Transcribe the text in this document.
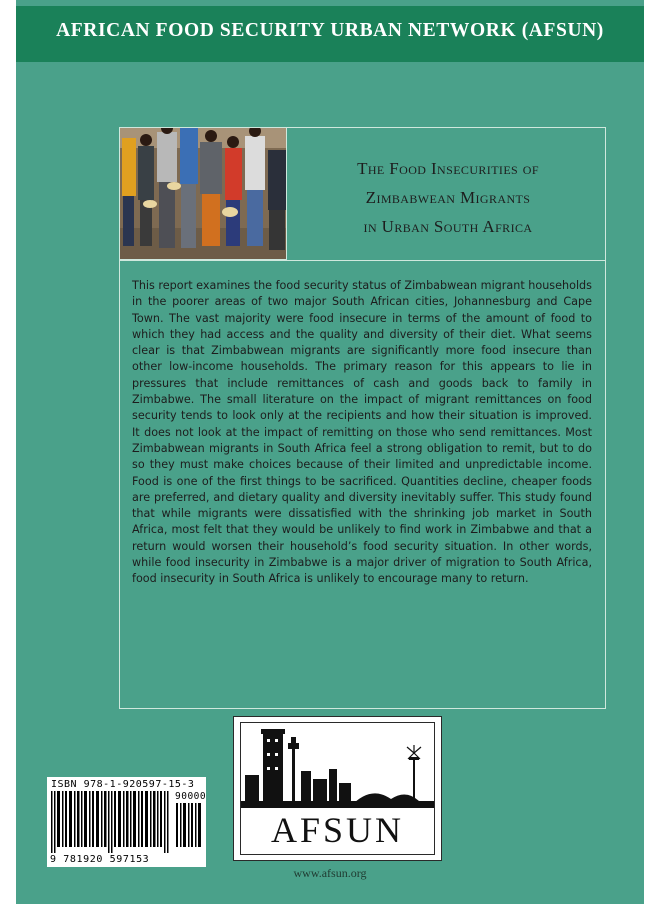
AFRICAN FOOD SECURITY URBAN NETWORK (AFSUN)
The Food Insecurities of
Zimbabwean Migrants
in Urban South Africa
This report examines the food security status of Zimbabwean migrant households in the poorer areas of two major South African cities, Johannesburg and Cape Town. The vast majority were food insecure in terms of the amount of food to which they had access and the quality and diversity of their diet. What seems clear is that Zimbabwean migrants are significantly more food insecure than other low-income households. The primary reason for this appears to lie in pressures that include remittances of cash and goods back to family in Zimbabwe. The small literature on the impact of migrant remittances on food security tends to look only at the recipients and how their situation is improved. It does not look at the impact of remitting on those who send remittances. Most Zimbabwean migrants in South Africa feel a strong obligation to remit, but to do so they must make choices because of their limited and unpredictable income. Food is one of the first things to be sacrificed. Quantities decline, cheaper foods are preferred, and dietary quality and diversity inevitably suffer. This study found that while migrants were dissatisfied with the shrinking job market in South Africa, most felt that they would be unlikely to find work in Zimbabwe and that a return would worsen their household’s food security situation. In other words, while food insecurity in Zimbabwe is a major driver of migration to South Africa, food insecurity in South Africa is unlikely to encourage many to return.
ISBN 978-1-920597-15-3
90000
9 781920 597153
AFSUN
www.afsun.org
